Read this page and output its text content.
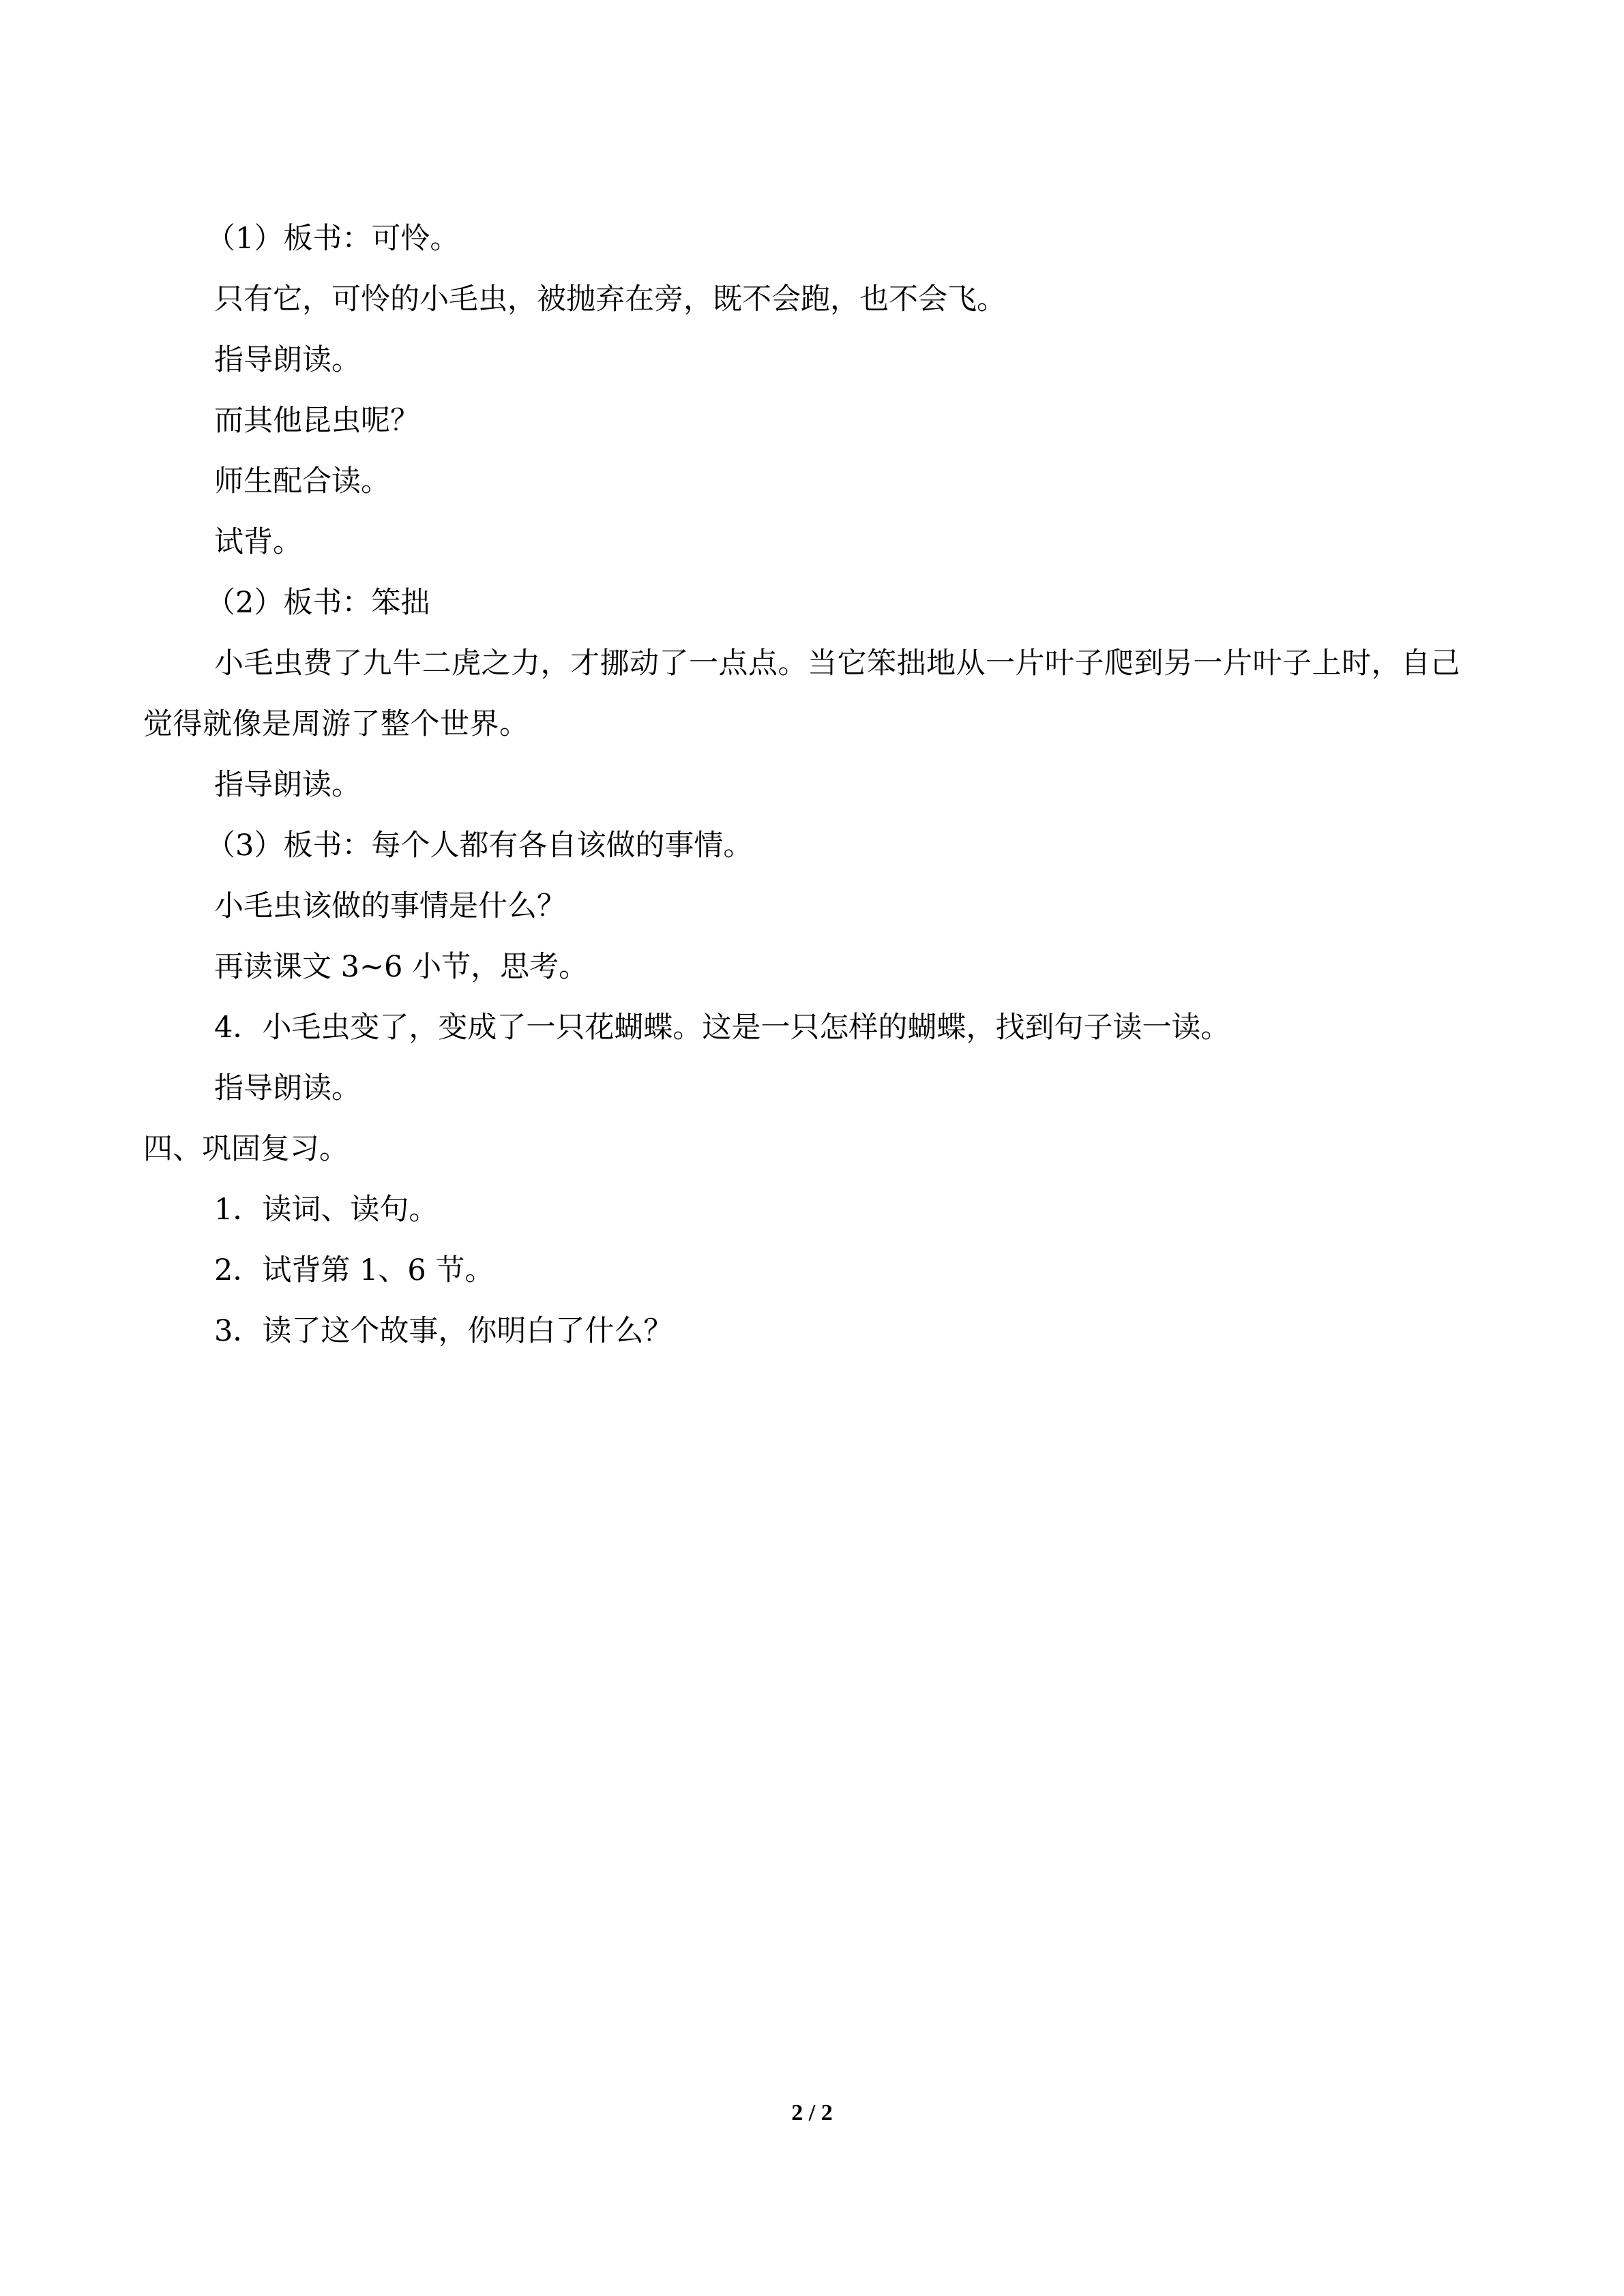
（1）板书：可怜。

只有它，可怜的小毛虫，被抛弃在旁，既不会跑，也不会飞。

指导朗读。

而其他昆虫呢？

师生配合读。

试背。

（2）板书：笨拙

小毛虫费了九牛二虎之力，才挪动了一点点。当它笨拙地从一片叶子爬到另一片叶子上时，自己觉得就像是周游了整个世界。

指导朗读。

（3）板书：每个人都有各自该做的事情。

小毛虫该做的事情是什么？

再读课文 3~6 小节，思考。

4．小毛虫变了，变成了一只花蝴蝶。这是一只怎样的蝴蝶，找到句子读一读。

指导朗读。

四、巩固复习。

1．读词、读句。

2．试背第 1、6 节。

3．读了这个故事，你明白了什么？

2 / 2
